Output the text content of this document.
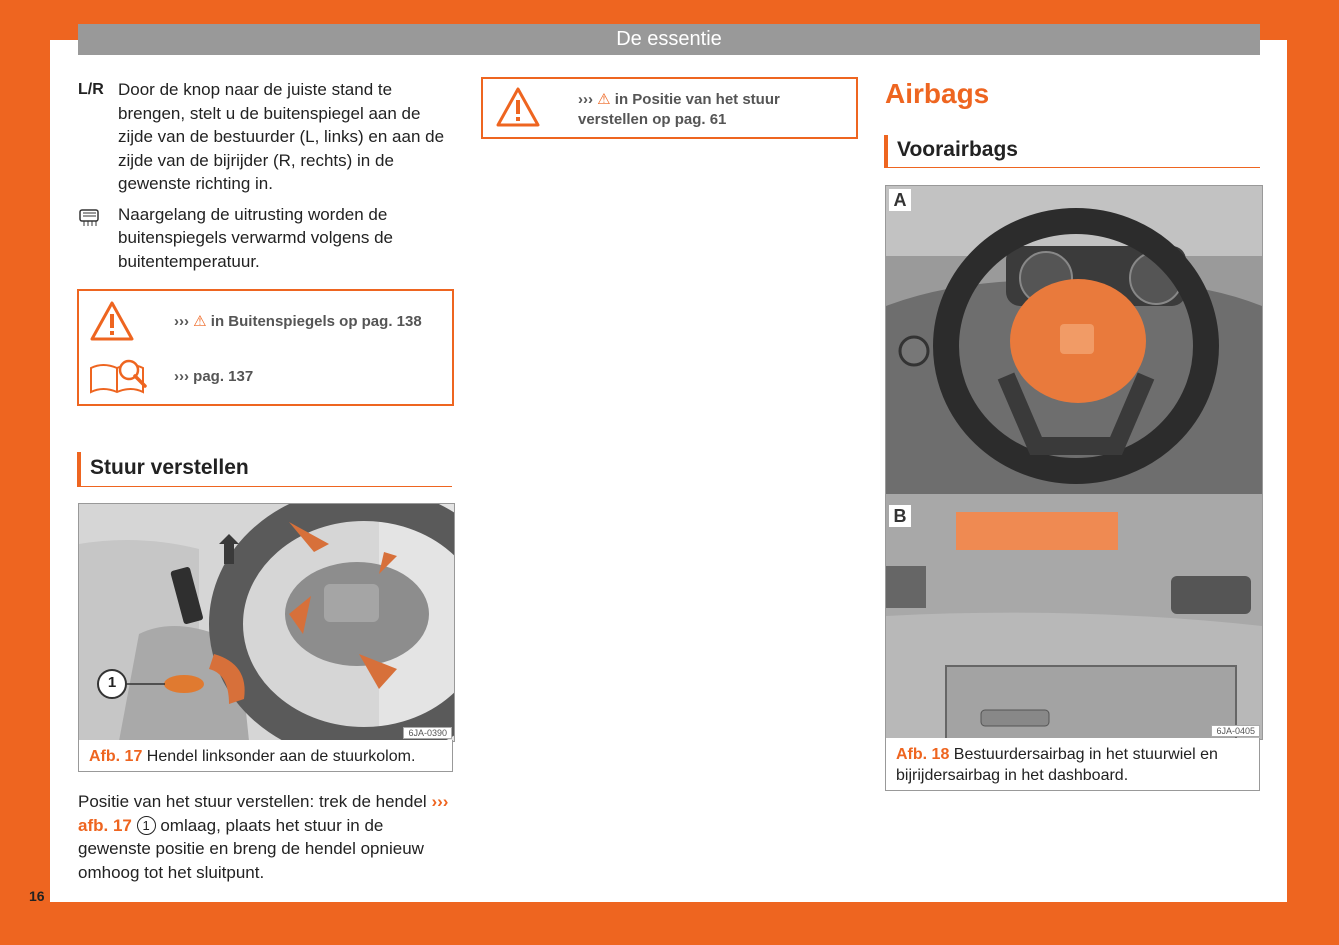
De essentie
L/R Door de knop naar de juiste stand te brengen, stelt u de buitenspiegel aan de zijde van de bestuurder (L, links) en aan de zijde van de bijrijder (R, rechts) in de gewenste richting in.
Naargelang de uitrusting worden de buitenspiegels verwarmd volgens de buitentemperatuur.
››› ⚠ in Buitenspiegels op pag. 138
››› pag. 137
Stuur verstellen
1
6JA-0390
Afb. 17 Hendel linksonder aan de stuurkolom.
Positie van het stuur verstellen: trek de hendel ››› afb. 17 1 omlaag, plaats het stuur in de gewenste positie en breng de hendel opnieuw omhoog tot het sluitpunt.
››› ⚠ in Positie van het stuur verstellen op pag. 61
Airbags
Voorairbags
A
B
6JA-0405
Afb. 18 Bestuurdersairbag in het stuurwiel en bijrijdersairbag in het dashboard.
16
